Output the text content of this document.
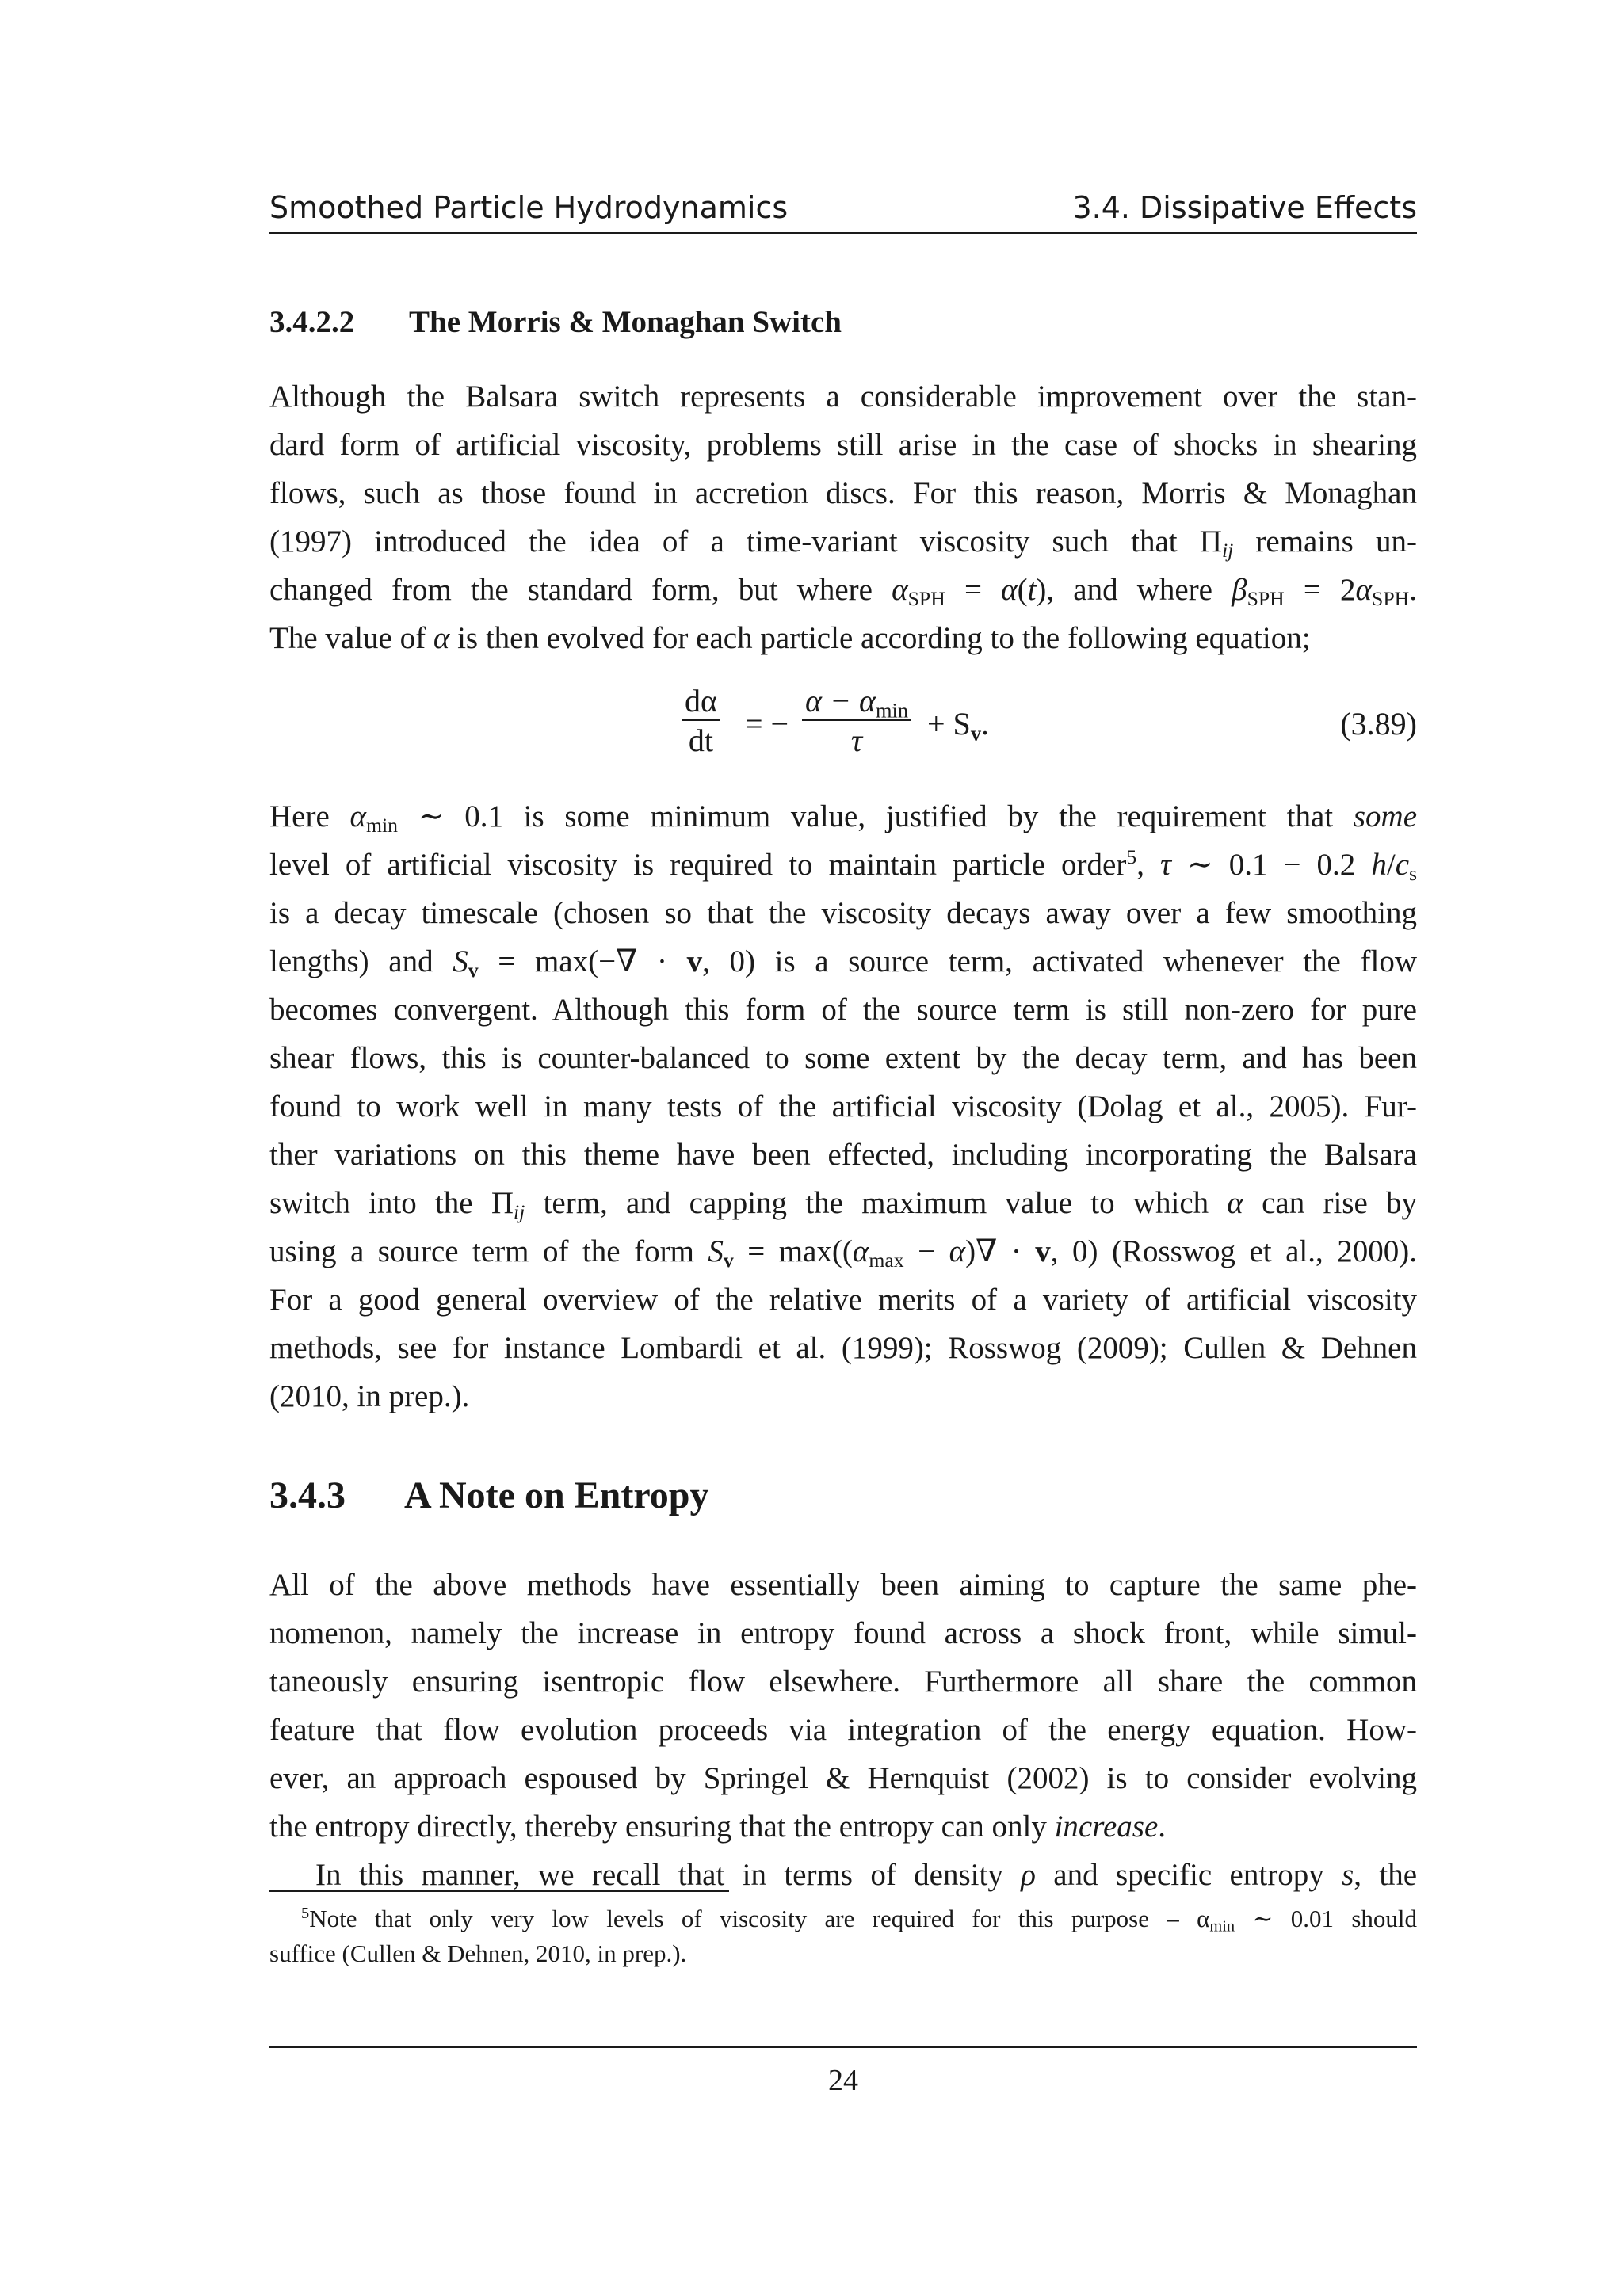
Smoothed Particle Hydrodynamics	3.4. Dissipative Effects
3.4.2.2 The Morris & Monaghan Switch
Although the Balsara switch represents a considerable improvement over the stan-
dard form of artificial viscosity, problems still arise in the case of shocks in shearing
flows, such as those found in accretion discs. For this reason, Morris & Monaghan
(1997) introduced the idea of a time-variant viscosity such that $\Pi_{ij}$ remains un-
changed from the standard form, but where $\alpha_{SPH} = \alpha(t)$, and where $\beta_{SPH} = 2\alpha_{SPH}$.
The value of α is then evolved for each particle according to the following equation;
dα
dt = −
$\alpha - \alpha_{min}$
$\tau + S_v$.	(3.89)
Here $\alpha_{min}$ ∼ 0.1 is some minimum value, justified by the requirement that some
level of artificial viscosity is required to maintain particle order$^5$, τ ∼ 0.1 − 0.2 $h/c_s$
is a decay timescale (chosen so that the viscosity decays away over a few smoothing
lengths) and $S_v = \max(-\nabla \cdot v$, 0) is a source term, activated whenever the flow
becomes convergent. Although this form of the source term is still non-zero for pure
shear flows, this is counter-balanced to some extent by the decay term, and has been
found to work well in many tests of the artificial viscosity (Dolag et al., 2005). Fur-
ther variations on this theme have been effected, including incorporating the Balsara
switch into the $\Pi_{ij}$ term, and capping the maximum value to which α can rise by
using a source term of the form $S_v = \max((\alpha_{max} - \alpha)\nabla \cdot v$, 0) (Rosswog et al., 2000).
For a good general overview of the relative merits of a variety of artificial viscosity
methods, see for instance Lombardi et al. (1999); Rosswog (2009); Cullen & Dehnen
(2010, in prep.).
3.4.3 A Note on Entropy
All of the above methods have essentially been aiming to capture the same phe-
nomenon, namely the increase in entropy found across a shock front, while simul-
taneously ensuring isentropic flow elsewhere. Furthermore all share the common
feature that flow evolution proceeds via integration of the energy equation. How-
ever, an approach espoused by Springel & Hernquist (2002) is to consider evolving
the entropy directly, thereby ensuring that the entropy can only increase.
In this manner, we recall that in terms of density ρ and specific entropy s, the
$^5$Note that only very low levels of viscosity are required for this purpose – $\alpha_{min}$ ∼ 0.01 should
suffice (Cullen & Dehnen, 2010, in prep.).
24
